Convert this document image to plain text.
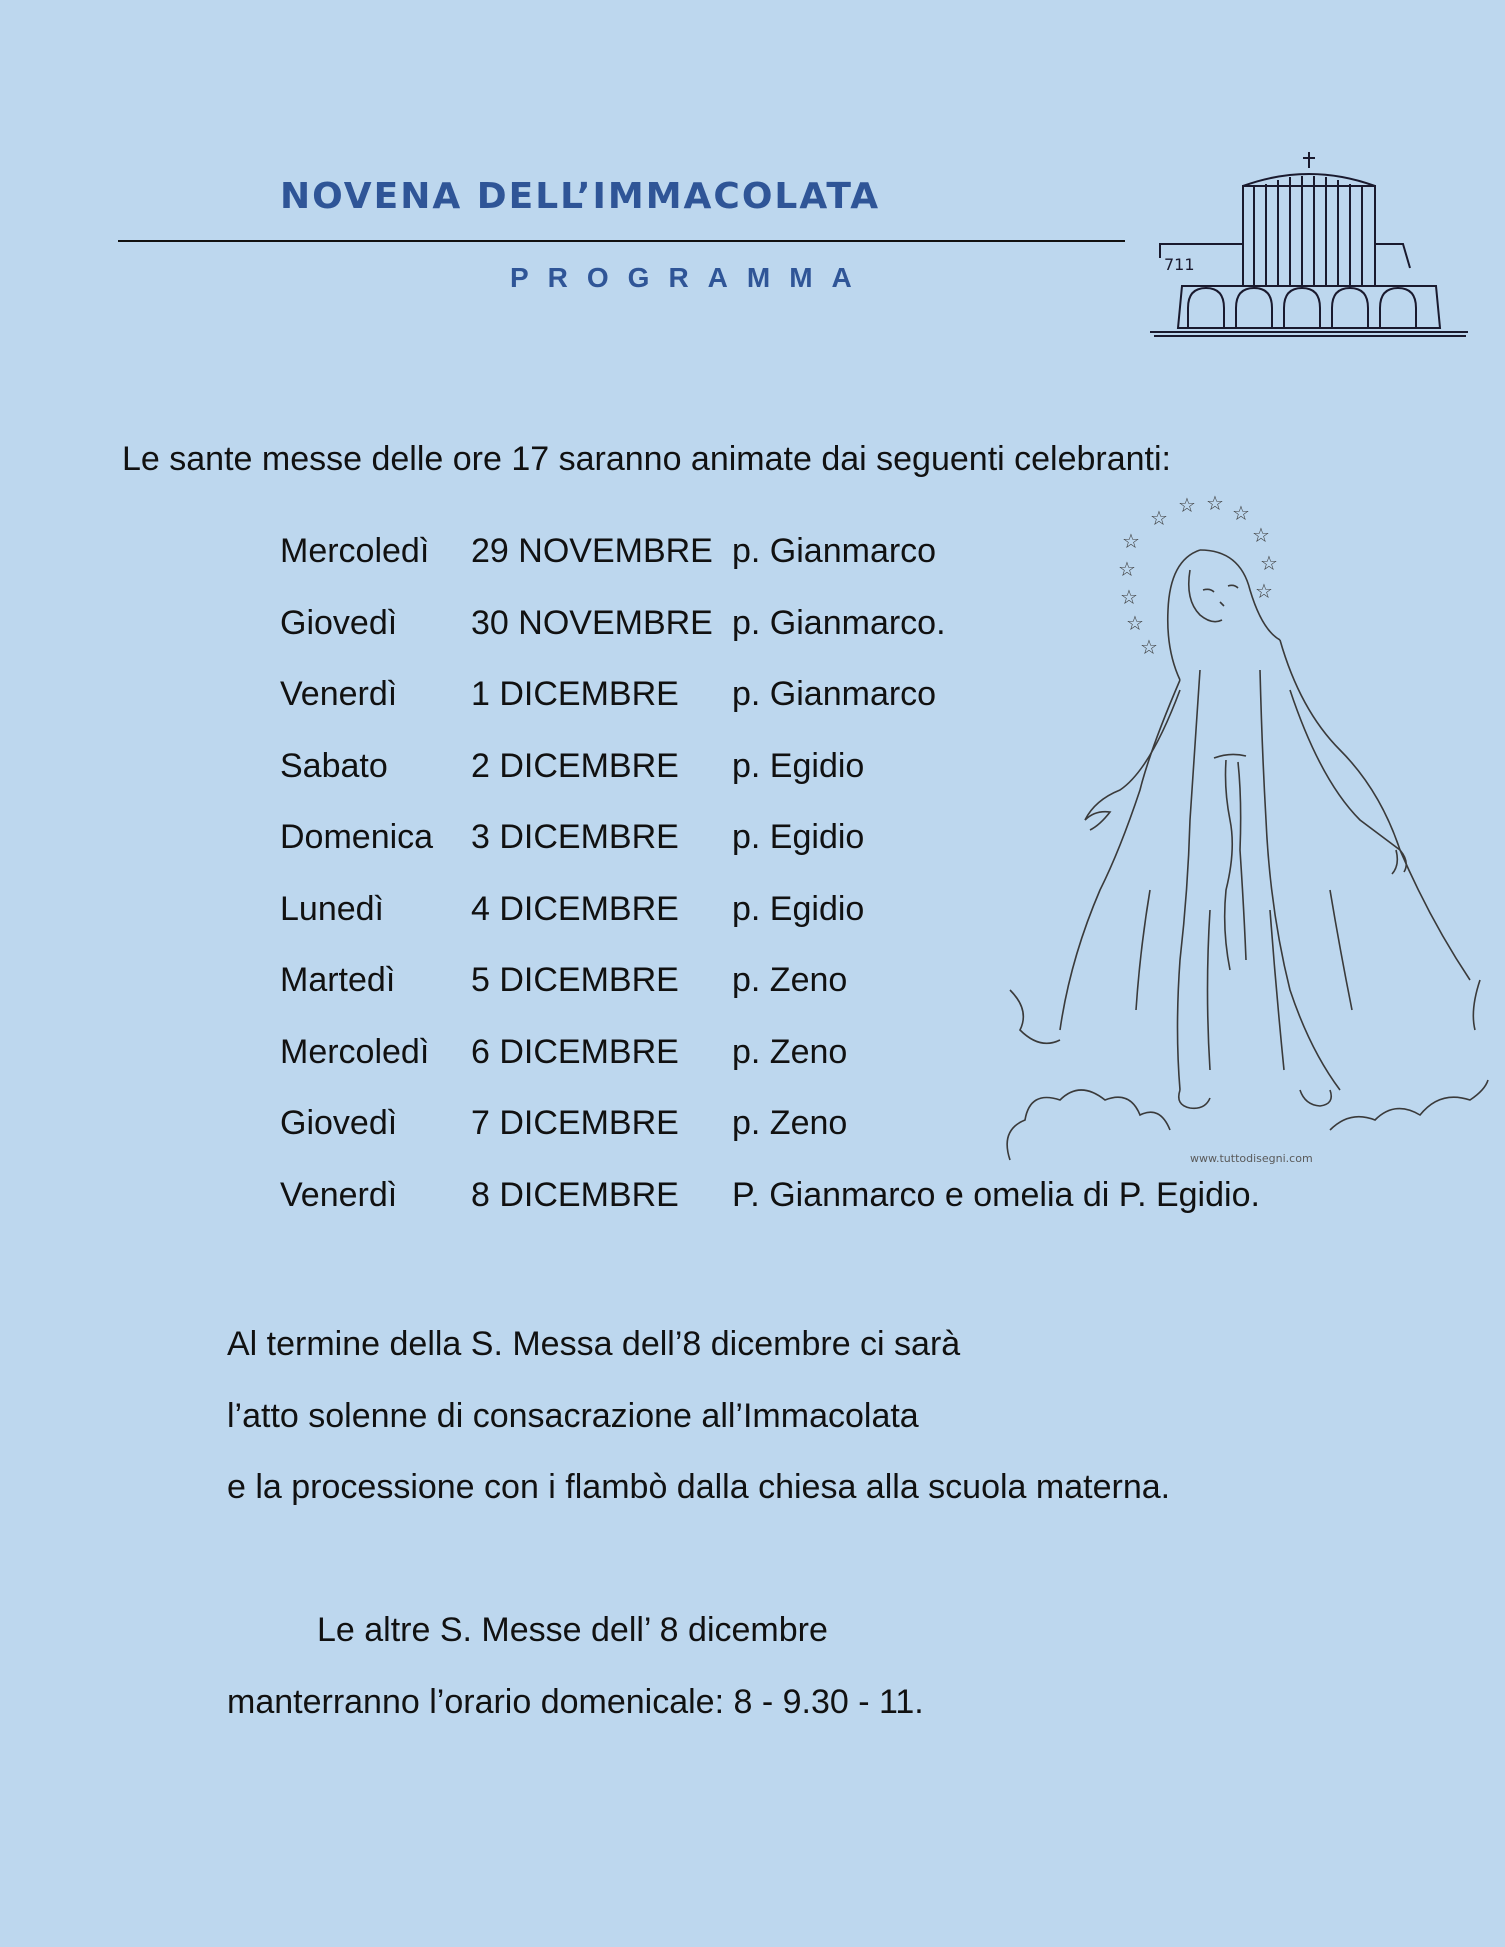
NOVENA DELL’IMMACOLATA
PROGRAMMA	711
Le sante messe delle ore 17 saranno animate dai seguenti celebranti:
☆
☆ ☆ ☆
☆
☆
☆
☆
☆
☆
☆
☆
www.tuttodisegni.com
Mercoledì 29 NOVEMBRE p. Gianmarco
Giovedì 30 NOVEMBRE p. Gianmarco.
Venerdì 1 DICEMBRE p. Gianmarco
Sabato 2 DICEMBRE p. Egidio
Domenica 3 DICEMBRE p. Egidio
Lunedì	4 DICEMBRE p. Egidio
Martedì 5 DICEMBRE p. Zeno
Mercoledì 6 DICEMBRE p. Zeno
Giovedì 7 DICEMBRE p. Zeno
Venerdì 8 DICEMBRE P. Gianmarco e omelia di P. Egidio.
Al termine della S. Messa dell’8 dicembre ci sarà
l’atto solenne di consacrazione all’Immacolata
e la processione con i flambò dalla chiesa alla scuola materna.
Le altre S. Messe dell’ 8 dicembre
manterranno l’orario domenicale: 8 - 9.30 - 11.
